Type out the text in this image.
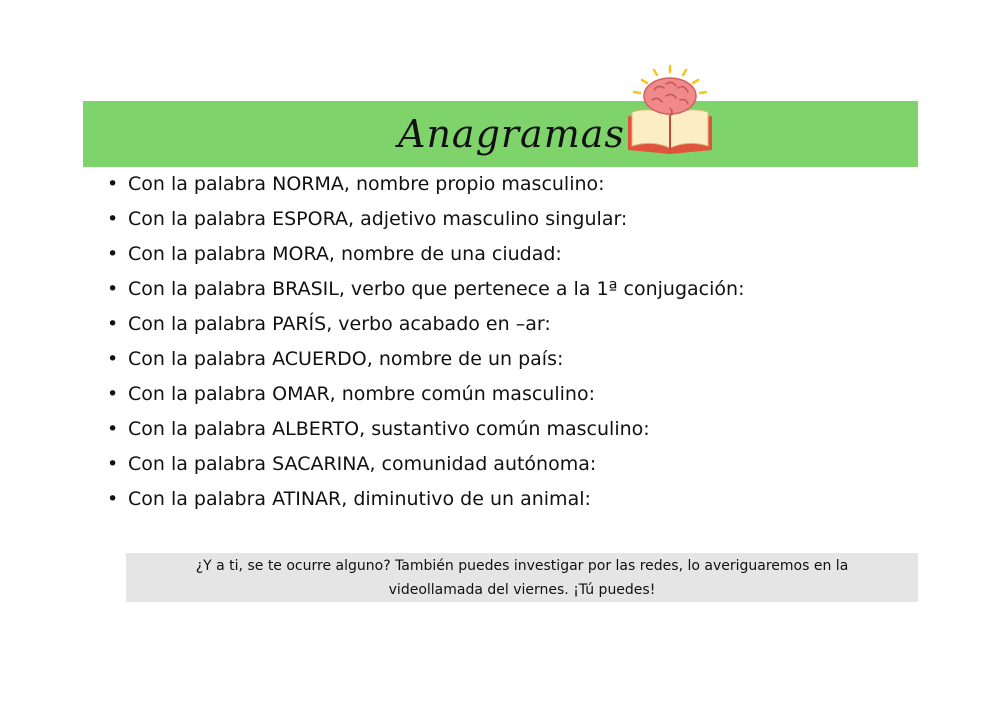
Anagramas
• Con la palabra NORMA, nombre propio masculino:
• Con la palabra ESPORA, adjetivo masculino singular:
• Con la palabra MORA, nombre de una ciudad:
• Con la palabra BRASIL, verbo que pertenece a la 1ª conjugación:
• Con la palabra PARÍS, verbo acabado en –ar:
• Con la palabra ACUERDO, nombre de un país:
• Con la palabra OMAR, nombre común masculino:
• Con la palabra ALBERTO, sustantivo común masculino:
• Con la palabra SACARINA, comunidad autónoma:
• Con la palabra ATINAR, diminutivo de un animal:
¿Y a ti, se te ocurre alguno? También puedes investigar por las redes, lo averiguaremos en la
videollamada del viernes. ¡Tú puedes!
